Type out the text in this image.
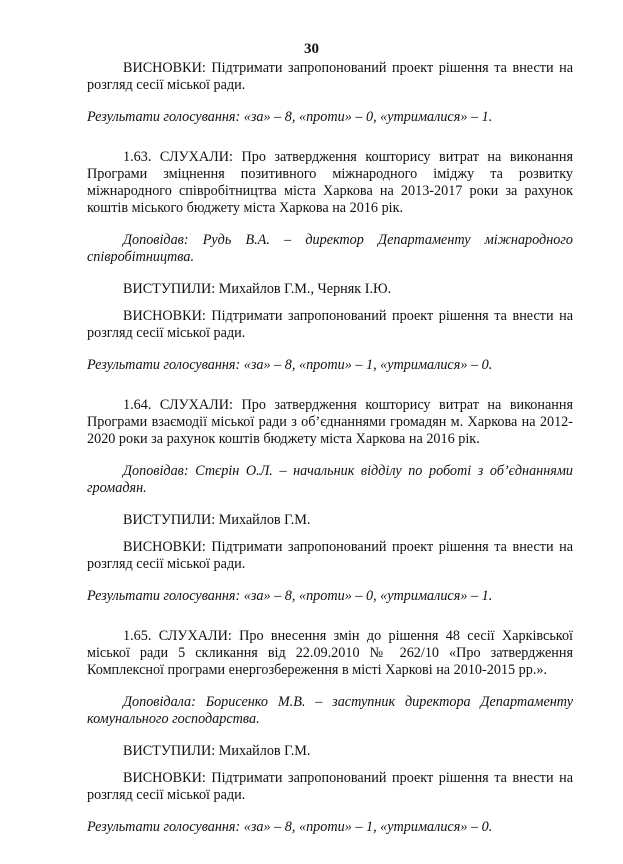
30

ВИСНОВКИ: Підтримати запропонований проект рішення та внести на розгляд сесії міської ради.

Результати голосування: «за» – 8, «проти» – 0, «утрималися» – 1.

1.63. СЛУХАЛИ: Про затвердження кошторису витрат на виконання Програми зміцнення позитивного міжнародного іміджу та розвитку міжнародного співробітництва міста Харкова на 2013-2017 роки за рахунок коштів міського бюджету міста Харкова на 2016 рік.

Доповідав: Рудь В.А. – директор Департаменту міжнародного співробітництва.

ВИСТУПИЛИ: Михайлов Г.М., Черняк І.Ю.

ВИСНОВКИ: Підтримати запропонований проект рішення та внести на розгляд сесії міської ради.

Результати голосування: «за» – 8, «проти» – 1, «утрималися» – 0.

1.64. СЛУХАЛИ: Про затвердження кошторису витрат на виконання Програми взаємодії міської ради з об’єднаннями громадян м. Харкова на 2012-2020 роки за рахунок коштів бюджету міста Харкова на 2016 рік.

Доповідав: Стєрін О.Л. – начальник відділу по роботі з об’єднаннями громадян.

ВИСТУПИЛИ: Михайлов Г.М.

ВИСНОВКИ: Підтримати запропонований проект рішення та внести на розгляд сесії міської ради.

Результати голосування: «за» – 8, «проти» – 0, «утрималися» – 1.

1.65. СЛУХАЛИ: Про внесення змін до рішення 48 сесії Харківської міської ради 5 скликання від 22.09.2010 № 262/10 «Про затвердження Комплексної програми енергозбереження в місті Харкові на 2010-2015 рр.».

Доповідала: Борисенко М.В. – заступник директора Департаменту комунального господарства.

ВИСТУПИЛИ: Михайлов Г.М.

ВИСНОВКИ: Підтримати запропонований проект рішення та внести на розгляд сесії міської ради.

Результати голосування: «за» – 8, «проти» – 1, «утрималися» – 0.
